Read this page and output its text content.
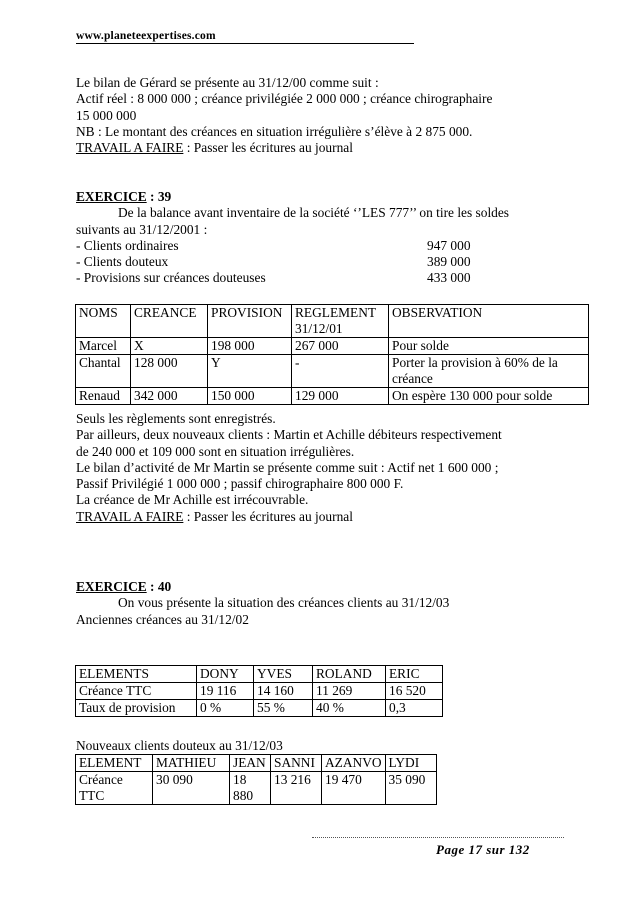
www.planeteexpertises.com
Le bilan de Gérard se présente au 31/12/00 comme suit :
Actif réel : 8 000 000 ; créance privilégiée 2 000 000 ; créance chirographaire
15 000 000
NB : Le montant des créances en situation irrégulière s’élève à 2 875 000.
TRAVAIL A FAIRE : Passer les écritures au journal
EXERCICE : 39
De la balance avant inventaire de la société ‘’LES 777’’ on tire les soldes
suivants au 31/12/2001 :
- Clients ordinaires	947 000
- Clients douteux	389 000
- Provisions sur créances douteuses	433 000
NOMS	CREANCE	PROVISION	REGLEMENT 31/12/01	OBSERVATION
Marcel	X	198 000	267 000	Pour solde
Chantal	128 000	Y	-	Porter la provision à 60% de la créance
Renaud	342 000	150 000	129 000	On espère 130 000 pour solde
Seuls les règlements sont enregistrés.
Par ailleurs, deux nouveaux clients : Martin et Achille débiteurs respectivement
de 240 000 et 109 000 sont en situation irrégulières.
Le bilan d’activité de Mr Martin se présente comme suit : Actif net 1 600 000 ;
Passif Privilégié 1 000 000 ; passif chirographaire 800 000 F.
La créance de Mr Achille est irrécouvrable.
TRAVAIL A FAIRE : Passer les écritures au journal
EXERCICE : 40
On vous présente la situation des créances clients au 31/12/03
Anciennes créances au 31/12/02
ELEMENTS	DONY	YVES	ROLAND	ERIC
Créance TTC	19 116	14 160	11 269	16 520
Taux de provision	0 %	55 %	40 %	0,3
Nouveaux clients douteux au 31/12/03
ELEMENT	MATHIEU	JEAN	SANNI	AZANVO	LYDI
Créance TTC	30 090	18 880	13 216	19 470	35 090
Page 17 sur 132
